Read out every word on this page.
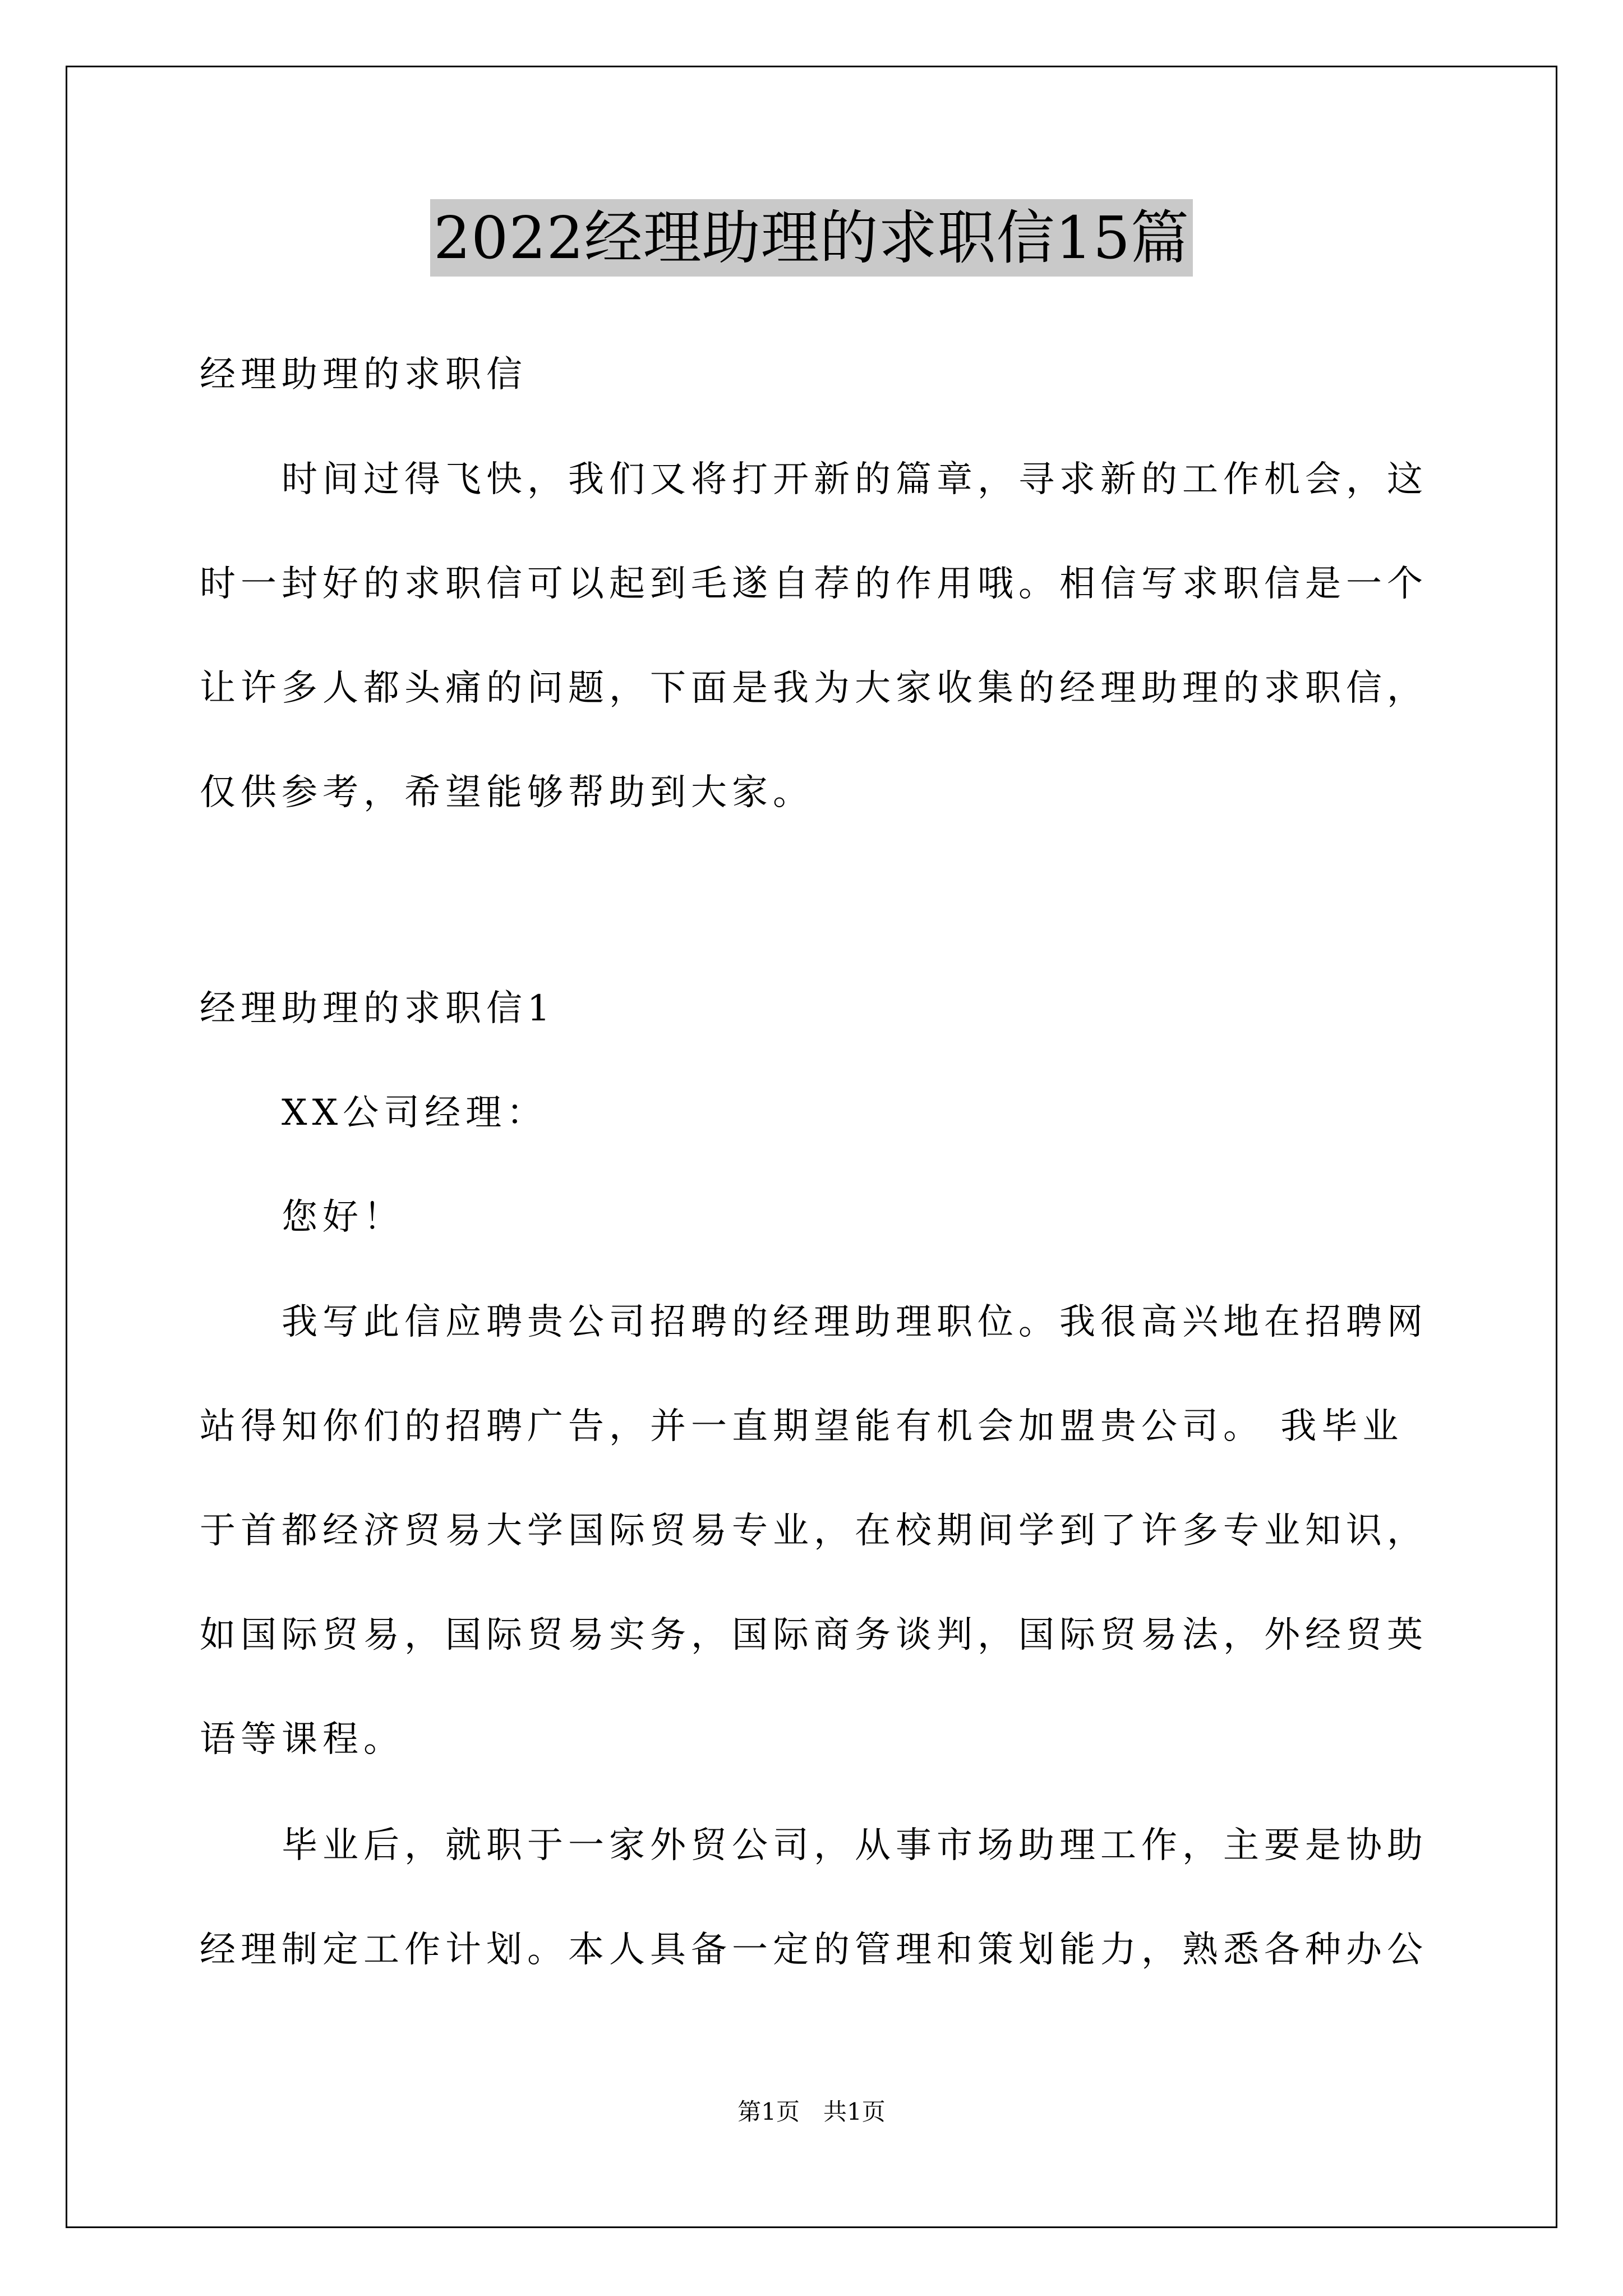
2022经理助理的求职信15篇

经理助理的求职信

时间过得飞快，我们又将打开新的篇章，寻求新的工作机会，这时一封好的求职信可以起到毛遂自荐的作用哦。相信写求职信是一个让许多人都头痛的问题，下面是我为大家收集的经理助理的求职信，仅供参考，希望能够帮助到大家。

经理助理的求职信1

XX公司经理：

您好！

我写此信应聘贵公司招聘的经理助理职位。我很高兴地在招聘网站得知你们的招聘广告，并一直期望能有机会加盟贵公司。 我毕业于首都经济贸易大学国际贸易专业，在校期间学到了许多专业知识，如国际贸易，国际贸易实务，国际商务谈判，国际贸易法，外经贸英语等课程。

毕业后，就职于一家外贸公司，从事市场助理工作，主要是协助经理制定工作计划。本人具备一定的管理和策划能力，熟悉各种办公

第1页　共1页
